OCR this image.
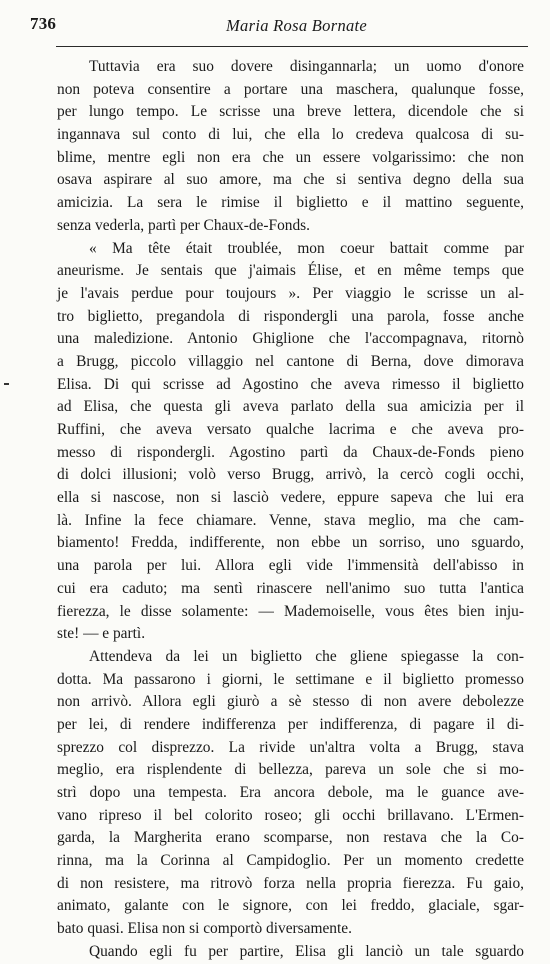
736	Maria Rosa Bornate
Tuttavia era suo dovere disingannarla; un uomo d'onore
non poteva consentire a portare una maschera, qualunque fosse,
per lungo tempo. Le scrisse una breve lettera, dicendole che si
ingannava sul conto di lui, che ella lo credeva qualcosa di su-
blime, mentre egli non era che un essere volgarissimo: che non
osava aspirare al suo amore, ma che si sentiva degno della sua
amicizia. La sera le rimise il biglietto e il mattino seguente,
senza vederla, partì per Chaux-de-Fonds.
« Ma tête était troublée, mon coeur battait comme par
aneurisme. Je sentais que j'aimais Élise, et en même temps que
je l'avais perdue pour toujours ». Per viaggio le scrisse un al-
tro biglietto, pregandola di rispondergli una parola, fosse anche
una maledizione. Antonio Ghiglione che l'accompagnava, ritornò
a Brugg, piccolo villaggio nel cantone di Berna, dove dimorava
Elisa. Di qui scrisse ad Agostino che aveva rimesso il biglietto
ad Elisa, che questa gli aveva parlato della sua amicizia per il
Ruffini, che aveva versato qualche lacrima e che aveva pro-
messo di rispondergli. Agostino partì da Chaux-de-Fonds pieno
di dolci illusioni; volò verso Brugg, arrivò, la cercò cogli occhi,
ella si nascose, non si lasciò vedere, eppure sapeva che lui era
là. Infine la fece chiamare. Venne, stava meglio, ma che cam-
biamento! Fredda, indifferente, non ebbe un sorriso, uno sguardo,
una parola per lui. Allora egli vide l'immensità dell'abisso in
cui era caduto; ma sentì rinascere nell'animo suo tutta l'antica
fierezza, le disse solamente: — Mademoiselle, vous êtes bien inju-
ste! — e partì.
Attendeva da lei un biglietto che gliene spiegasse la con-
dotta. Ma passarono i giorni, le settimane e il biglietto promesso
non arrivò. Allora egli giurò a sè stesso di non avere debolezze
per lei, di rendere indifferenza per indifferenza, di pagare il di-
sprezzo col disprezzo. La rivide un'altra volta a Brugg, stava
meglio, era risplendente di bellezza, pareva un sole che si mo-
strì dopo una tempesta. Era ancora debole, ma le guance ave-
vano ripreso il bel colorito roseo; gli occhi brillavano. L'Ermen-
garda, la Margherita erano scomparse, non restava che la Co-
rinna, ma la Corinna al Campidoglio. Per un momento credette
di non resistere, ma ritrovò forza nella propria fierezza. Fu gaio,
animato, galante con le signore, con lei freddo, glaciale, sgar-
bato quasi. Elisa non si comportò diversamente.
Quando egli fu per partire, Elisa gli lanciò un tale sguardo
